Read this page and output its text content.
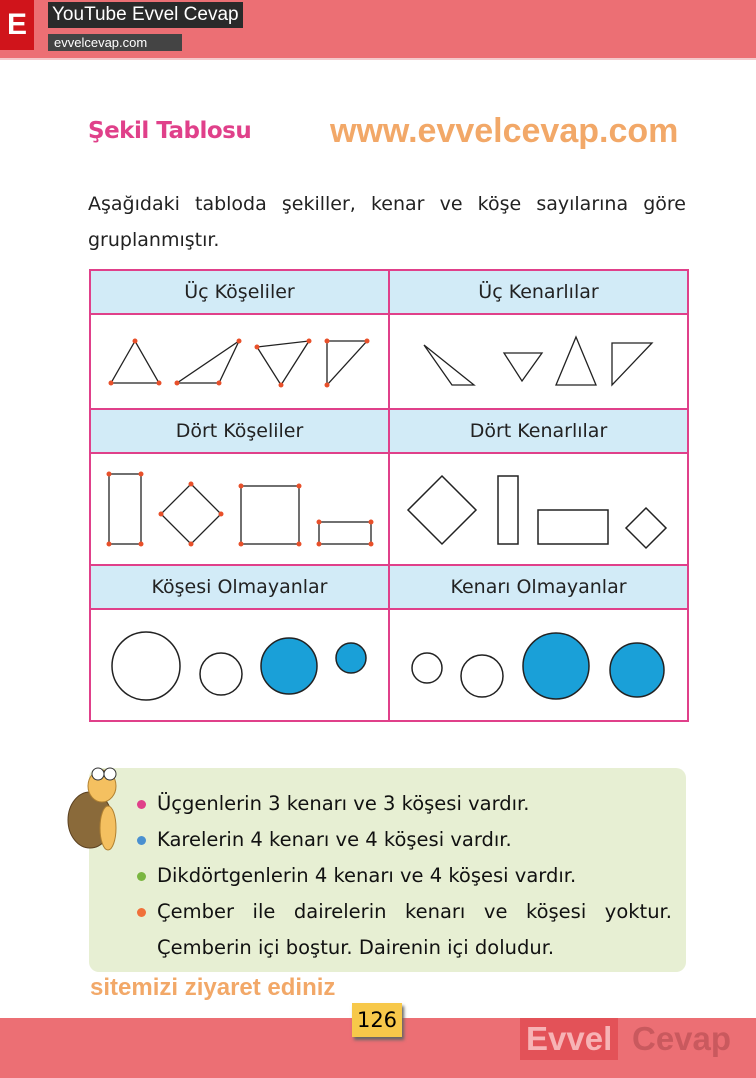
E	YouTube Evvel Cevap
evvelcevap.com
Şekil Tablosu www.evvelcevap.com
Aşağıdaki tabloda şekiller, kenar ve köşe sayılarına göre gruplanmıştır.
Üç Köşeliler	Üç Kenarlılar

Dört Köşeliler	Dört Kenarlılar

Köşesi Olmayanlar	Kenarı Olmayanlar

Üçgenlerin 3 kenarı ve 3 köşesi vardır.
Karelerin 4 kenarı ve 4 köşesi vardır.
Dikdörtgenlerin 4 kenarı ve 4 köşesi vardır.
Çember ile dairelerin kenarı ve köşesi yoktur. Çemberin içi boştur. Dairenin içi doludur.
sitemizi ziyaret ediniz
126	Evvel Cevap
